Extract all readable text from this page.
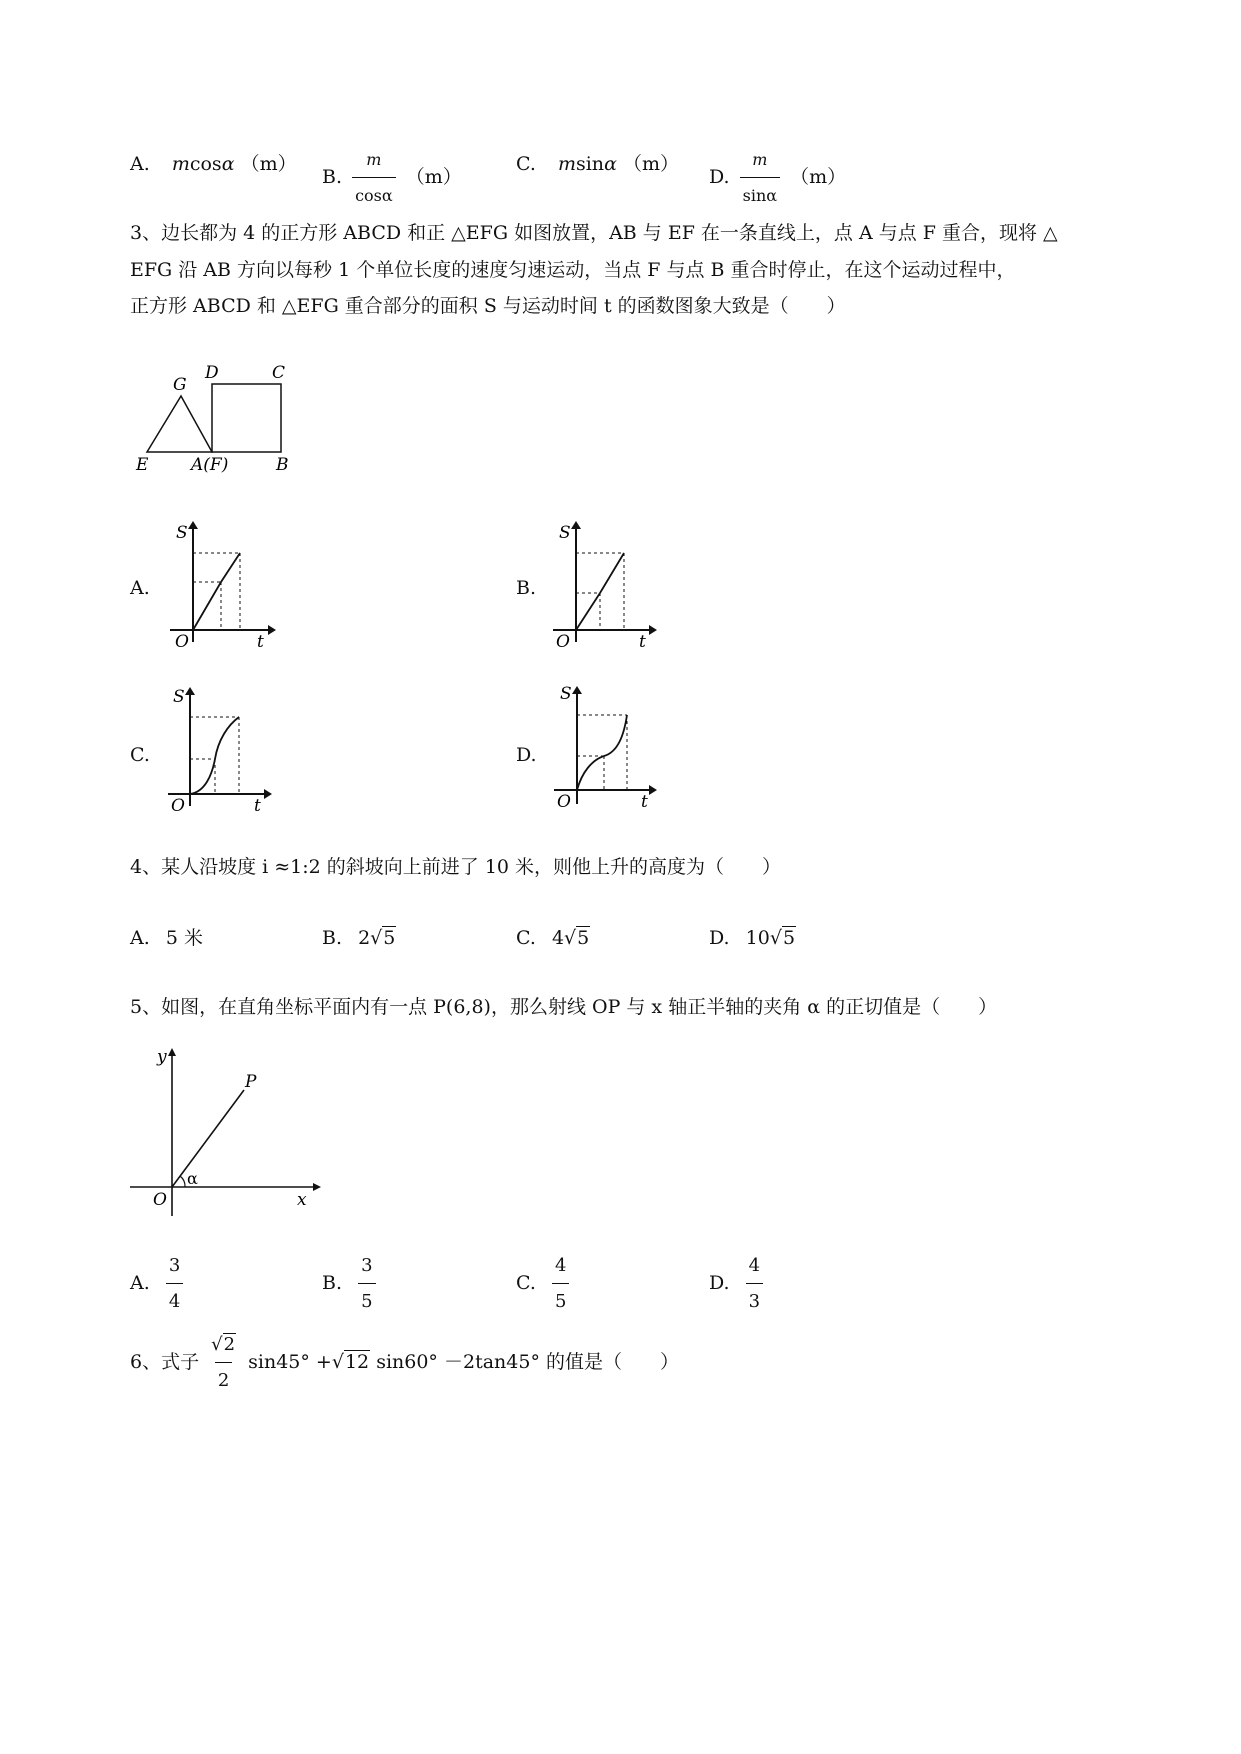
A. mcosα （m）
B. $\frac{m}{\cos\alpha} (m)$
C. msinα （m）
D. $\frac{m}{\sin\alpha} (m)$
3、边长都为 4 的正方形 ABCD 和正 △EFG 如图放置，AB 与 EF 在一条直线上，点 A 与点 F 重合，现将 △
EFG 沿 AB 方向以每秒 1 个单位长度的速度匀速运动，当点 F 与点 B 重合时停止，在这个运动过程中，
正方形 ABCD 和 △EFG 重合部分的面积 S 与运动时间 t 的函数图象大致是（　　）
G
D	C
E	A(F)	B
A.
S
O	t
B.
S
O	t
C.
S
O	t
D.
S
O	t
4、某人沿坡度 i ≈1:2 的斜坡向上前进了 10 米，则他上升的高度为（　　）
A. 5 米	B. 2√5	C. 4√5	D. 10√5
5、如图，在直角坐标平面内有一点 P(6,8)，那么射线 OP 与 x 轴正半轴的夹角 α 的正切值是（　　）
y
P
O
α
x
A. $\frac{3}{4}$	B. $\frac{3}{5}$	C. $\frac{4}{5}$	D. $\frac{4}{3}$
6、式子 $\frac{√2}{2} \sin 45^\circ +√12$ sin60° －2tan45° 的值是（　　）
